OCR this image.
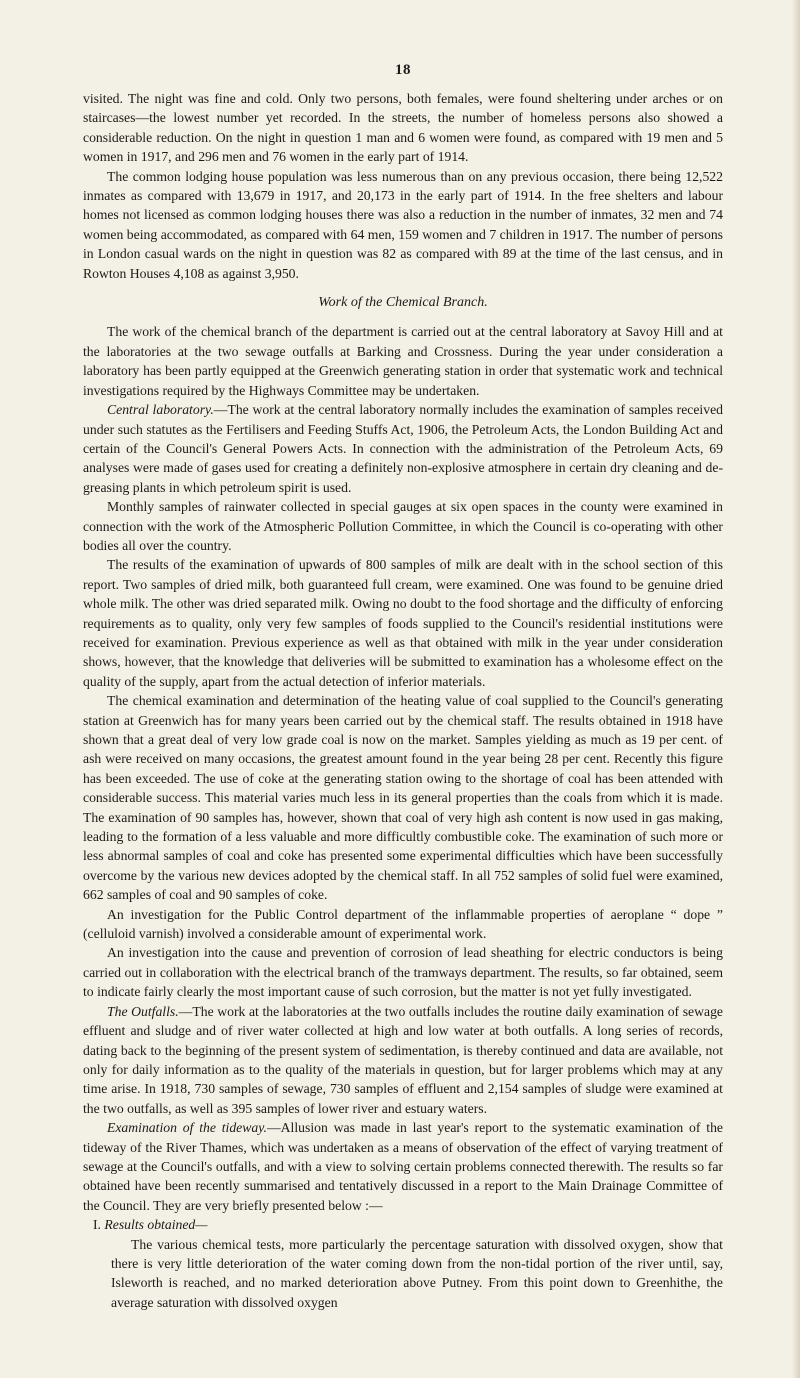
18

visited. The night was fine and cold. Only two persons, both females, were found sheltering under arches or on staircases—the lowest number yet recorded. In the streets, the number of homeless persons also showed a considerable reduction. On the night in question 1 man and 6 women were found, as compared with 19 men and 5 women in 1917, and 296 men and 76 women in the early part of 1914.

The common lodging house population was less numerous than on any previous occasion, there being 12,522 inmates as compared with 13,679 in 1917, and 20,173 in the early part of 1914. In the free shelters and labour homes not licensed as common lodging houses there was also a reduction in the number of inmates, 32 men and 74 women being accommodated, as compared with 64 men, 159 women and 7 children in 1917. The number of persons in London casual wards on the night in question was 82 as compared with 89 at the time of the last census, and in Rowton Houses 4,108 as against 3,950.

Work of the Chemical Branch.

The work of the chemical branch of the department is carried out at the central laboratory at Savoy Hill and at the laboratories at the two sewage outfalls at Barking and Crossness. During the year under consideration a laboratory has been partly equipped at the Greenwich generating station in order that systematic work and technical investigations required by the Highways Committee may be undertaken.

Central laboratory.—The work at the central laboratory normally includes the examination of samples received under such statutes as the Fertilisers and Feeding Stuffs Act, 1906, the Petroleum Acts, the London Building Act and certain of the Council's General Powers Acts. In connection with the administration of the Petroleum Acts, 69 analyses were made of gases used for creating a definitely non-explosive atmosphere in certain dry cleaning and de-greasing plants in which petroleum spirit is used.

Monthly samples of rainwater collected in special gauges at six open spaces in the county were examined in connection with the work of the Atmospheric Pollution Committee, in which the Council is co-operating with other bodies all over the country.

The results of the examination of upwards of 800 samples of milk are dealt with in the school section of this report. Two samples of dried milk, both guaranteed full cream, were examined. One was found to be genuine dried whole milk. The other was dried separated milk. Owing no doubt to the food shortage and the difficulty of enforcing requirements as to quality, only very few samples of foods supplied to the Council's residential institutions were received for examination. Previous experience as well as that obtained with milk in the year under consideration shows, however, that the knowledge that deliveries will be submitted to examination has a wholesome effect on the quality of the supply, apart from the actual detection of inferior materials.

The chemical examination and determination of the heating value of coal supplied to the Council's generating station at Greenwich has for many years been carried out by the chemical staff. The results obtained in 1918 have shown that a great deal of very low grade coal is now on the market. Samples yielding as much as 19 per cent. of ash were received on many occasions, the greatest amount found in the year being 28 per cent. Recently this figure has been exceeded. The use of coke at the generating station owing to the shortage of coal has been attended with considerable success. This material varies much less in its general properties than the coals from which it is made. The examination of 90 samples has, however, shown that coal of very high ash content is now used in gas making, leading to the formation of a less valuable and more difficultly combustible coke. The examination of such more or less abnormal samples of coal and coke has presented some experimental difficulties which have been successfully overcome by the various new devices adopted by the chemical staff. In all 752 samples of solid fuel were examined, 662 samples of coal and 90 samples of coke.

An investigation for the Public Control department of the inflammable properties of aeroplane “ dope ” (celluloid varnish) involved a considerable amount of experimental work.

An investigation into the cause and prevention of corrosion of lead sheathing for electric conductors is being carried out in collaboration with the electrical branch of the tramways department. The results, so far obtained, seem to indicate fairly clearly the most important cause of such corrosion, but the matter is not yet fully investigated.

The Outfalls.—The work at the laboratories at the two outfalls includes the routine daily examination of sewage effluent and sludge and of river water collected at high and low water at both outfalls. A long series of records, dating back to the beginning of the present system of sedimentation, is thereby continued and data are available, not only for daily information as to the quality of the materials in question, but for larger problems which may at any time arise. In 1918, 730 samples of sewage, 730 samples of effluent and 2,154 samples of sludge were examined at the two outfalls, as well as 395 samples of lower river and estuary waters.

Examination of the tideway.—Allusion was made in last year's report to the systematic examination of the tideway of the River Thames, which was undertaken as a means of observation of the effect of varying treatment of sewage at the Council's outfalls, and with a view to solving certain problems connected therewith. The results so far obtained have been recently summarised and tentatively discussed in a report to the Main Drainage Committee of the Council. They are very briefly presented below :—

I. Results obtained—

The various chemical tests, more particularly the percentage saturation with dissolved oxygen, show that there is very little deterioration of the water coming down from the non-tidal portion of the river until, say, Isleworth is reached, and no marked deterioration above Putney. From this point down to Greenhithe, the average saturation with dissolved oxygen
